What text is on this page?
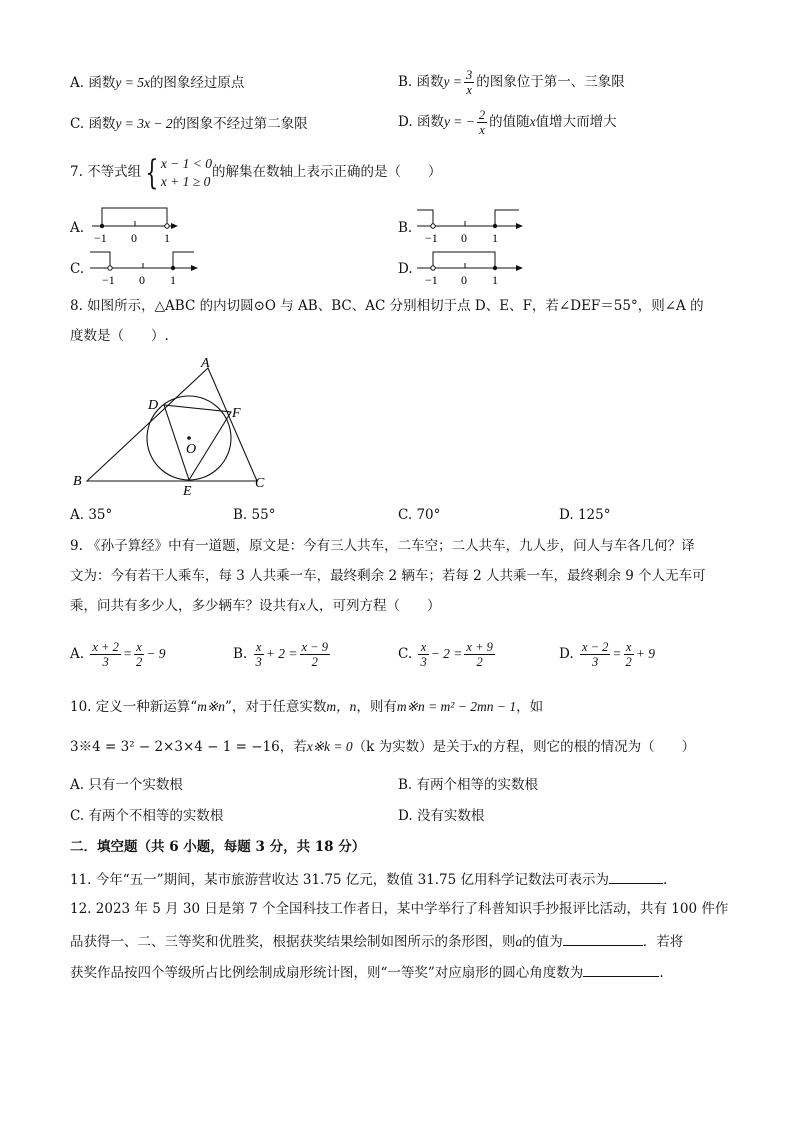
A. 函数y = 5x的图象经过原点	B. 函数$y = \frac{3}{x}$ 的图象位于第一、三象限
C. 函数y = 3x − 2的图象不经过第二象限	D. 函数y = − $\frac{2}{x}$ 的值随x值增大而增大
7. 不等式组 { x − 1 < 0
x + 1 ≥ 0
的解集在数轴上表示正确的是（　　）
A.
−1 0 1
B.
−1 0 1
C.
−1 0 1
D.
−1 0 1
8. 如图所示，△ABC 的内切圆⊙O 与 AB、BC、AC 分别相切于点 D、E、F，若∠DEF＝55°，则∠A 的
度数是（　　）.
A
B	C
D
E
F
O
A. 35°	B. 55°	C. 70°	D. 125°
9. 《孙子算经》中有一道题，原文是：今有三人共车，二车空；二人共车，九人步，问人与车各几何？译
文为：今有若干人乘车，每 3 人共乘一车，最终剩余 2 辆车；若每 2 人共乘一车，最终剩余 9 个人无车可
乘，问共有多少人，多少辆车？设共有x人，可列方程（　　）
A. $\frac{x + 2}{3} = \frac{x}{2} - 9$	B. $\frac{x}{3} + 2 = \frac{x - 9}{2}$	C. $\frac{x}{3} - 2 = \frac{x + 9}{2}$	D. $\frac{x - 2}{3} = \frac{x}{2} + 9$
10. 定义一种新运算“m※n”，对于任意实数m，n，则有m※n = m² − 2mn − 1，如
3※4 = 3² − 2×3×4 − 1 = −16，若x※k = 0（k 为实数）是关于x的方程，则它的根的情况为（　　）
A. 只有一个实数根	B. 有两个相等的实数根
C. 有两个不相等的实数根	D. 没有实数根
二．填空题（共 6 小题，每题 3 分，共 18 分）
11. 今年“五一”期间，某市旅游营收达 31.75 亿元，数值 31.75 亿用科学记数法可表示为	.
12. 2023 年 5 月 30 日是第 7 个全国科技工作者日，某中学举行了科普知识手抄报评比活动，共有 100 件作
品获得一、二、三等奖和优胜奖，根据获奖结果绘制如图所示的条形图，则a的值为	．若将
获奖作品按四个等级所占比例绘制成扇形统计图，则“一等奖”对应扇形的圆心角度数为	.
